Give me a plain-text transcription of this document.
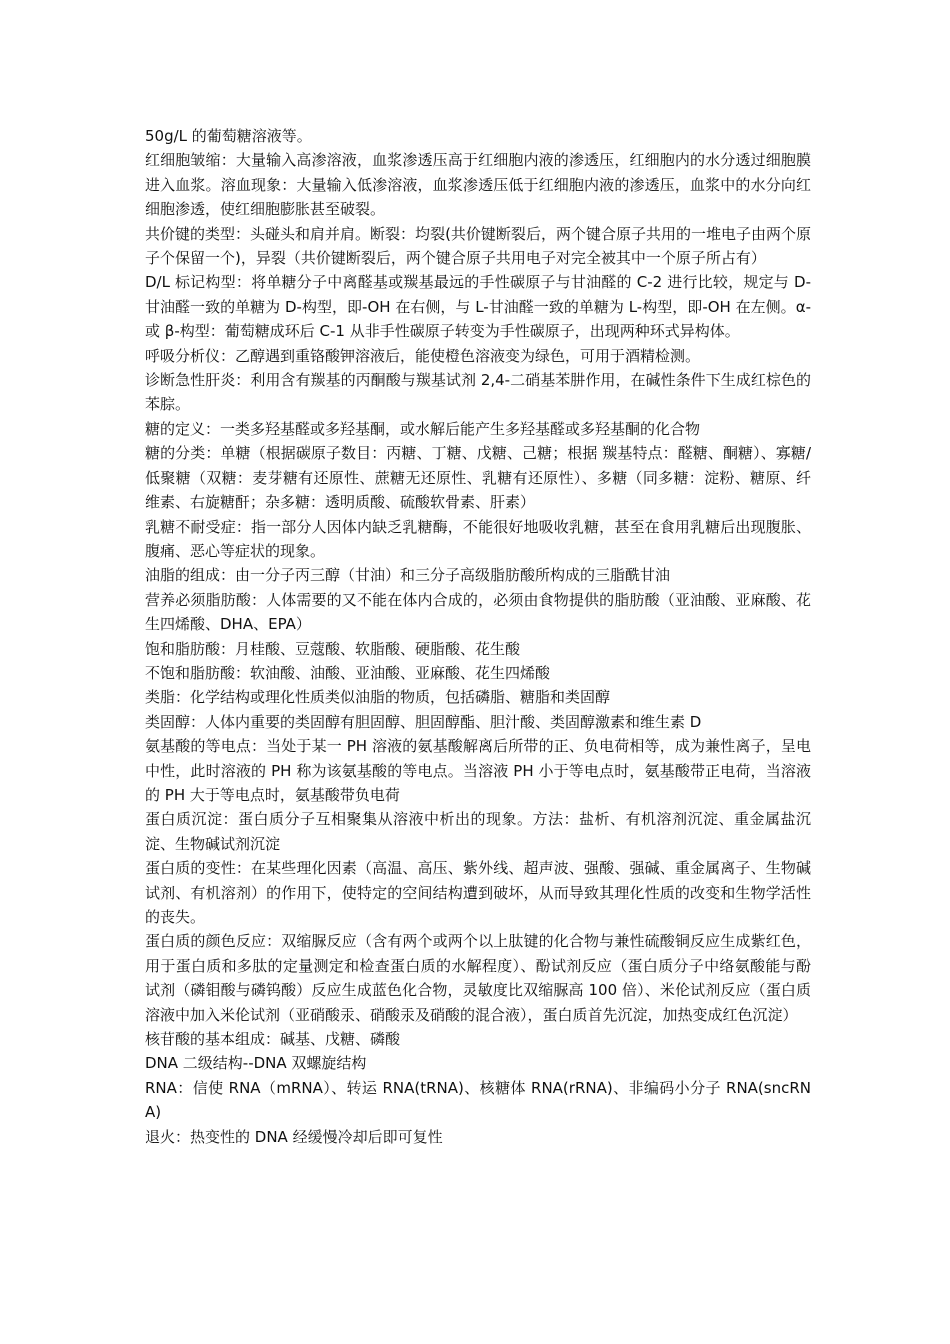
50g/L 的葡萄糖溶液等。

红细胞皱缩：大量输入高渗溶液，血浆渗透压高于红细胞内液的渗透压，红细胞内的水分透过细胞膜进入血浆。溶血现象：大量输入低渗溶液，血浆渗透压低于红细胞内液的渗透压，血浆中的水分向红细胞渗透，使红细胞膨胀甚至破裂。

共价键的类型：头碰头和肩并肩。断裂：均裂(共价键断裂后，两个键合原子共用的一堆电子由两个原子个保留一个)，异裂（共价键断裂后，两个键合原子共用电子对完全被其中一个原子所占有）

D/L 标记构型：将单糖分子中离醛基或羰基最远的手性碳原子与甘油醛的 C-2 进行比较，规定与 D-甘油醛一致的单糖为 D-构型，即-OH 在右侧，与 L-甘油醛一致的单糖为 L-构型，即-OH 在左侧。α-或 β-构型：葡萄糖成环后 C-1 从非手性碳原子转变为手性碳原子，出现两种环式异构体。

呼吸分析仪：乙醇遇到重铬酸钾溶液后，能使橙色溶液变为绿色，可用于酒精检测。

诊断急性肝炎：利用含有羰基的丙酮酸与羰基试剂 2,4-二硝基苯肼作用，在碱性条件下生成红棕色的苯腙。

糖的定义：一类多羟基醛或多羟基酮，或水解后能产生多羟基醛或多羟基酮的化合物

糖的分类：单糖（根据碳原子数目：丙糖、丁糖、戊糖、己糖；根据 羰基特点：醛糖、酮糖）、寡糖/低聚糖（双糖：麦芽糖有还原性、蔗糖无还原性、乳糖有还原性）、多糖（同多糖：淀粉、糖原、纤维素、右旋糖酐；杂多糖：透明质酸、硫酸软骨素、肝素）

乳糖不耐受症：指一部分人因体内缺乏乳糖酶，不能很好地吸收乳糖，甚至在食用乳糖后出现腹胀、腹痛、恶心等症状的现象。

油脂的组成：由一分子丙三醇（甘油）和三分子高级脂肪酸所构成的三脂酰甘油

营养必须脂肪酸：人体需要的又不能在体内合成的，必须由食物提供的脂肪酸（亚油酸、亚麻酸、花生四烯酸、DHA、EPA）

饱和脂肪酸：月桂酸、豆蔻酸、软脂酸、硬脂酸、花生酸

不饱和脂肪酸：软油酸、油酸、亚油酸、亚麻酸、花生四烯酸

类脂：化学结构或理化性质类似油脂的物质，包括磷脂、糖脂和类固醇

类固醇：人体内重要的类固醇有胆固醇、胆固醇酯、胆汁酸、类固醇激素和维生素 D

氨基酸的等电点：当处于某一 PH 溶液的氨基酸解离后所带的正、负电荷相等，成为兼性离子，呈电中性，此时溶液的 PH 称为该氨基酸的等电点。当溶液 PH 小于等电点时，氨基酸带正电荷，当溶液的 PH 大于等电点时，氨基酸带负电荷

蛋白质沉淀：蛋白质分子互相聚集从溶液中析出的现象。方法：盐析、有机溶剂沉淀、重金属盐沉淀、生物碱试剂沉淀

蛋白质的变性：在某些理化因素（高温、高压、紫外线、超声波、强酸、强碱、重金属离子、生物碱试剂、有机溶剂）的作用下，使特定的空间结构遭到破坏，从而导致其理化性质的改变和生物学活性的丧失。

蛋白质的颜色反应：双缩脲反应（含有两个或两个以上肽键的化合物与兼性硫酸铜反应生成紫红色，用于蛋白质和多肽的定量测定和检查蛋白质的水解程度）、酚试剂反应（蛋白质分子中络氨酸能与酚试剂（磷钼酸与磷钨酸）反应生成蓝色化合物，灵敏度比双缩脲高 100 倍）、米伦试剂反应（蛋白质溶液中加入米伦试剂（亚硝酸汞、硝酸汞及硝酸的混合液），蛋白质首先沉淀，加热变成红色沉淀）

核苷酸的基本组成：碱基、戊糖、磷酸

DNA 二级结构--DNA 双螺旋结构

RNA：信使 RNA（mRNA）、转运 RNA(tRNA)、核糖体 RNA(rRNA)、非编码小分子 RNA(sncRNA)

退火：热变性的 DNA 经缓慢冷却后即可复性
